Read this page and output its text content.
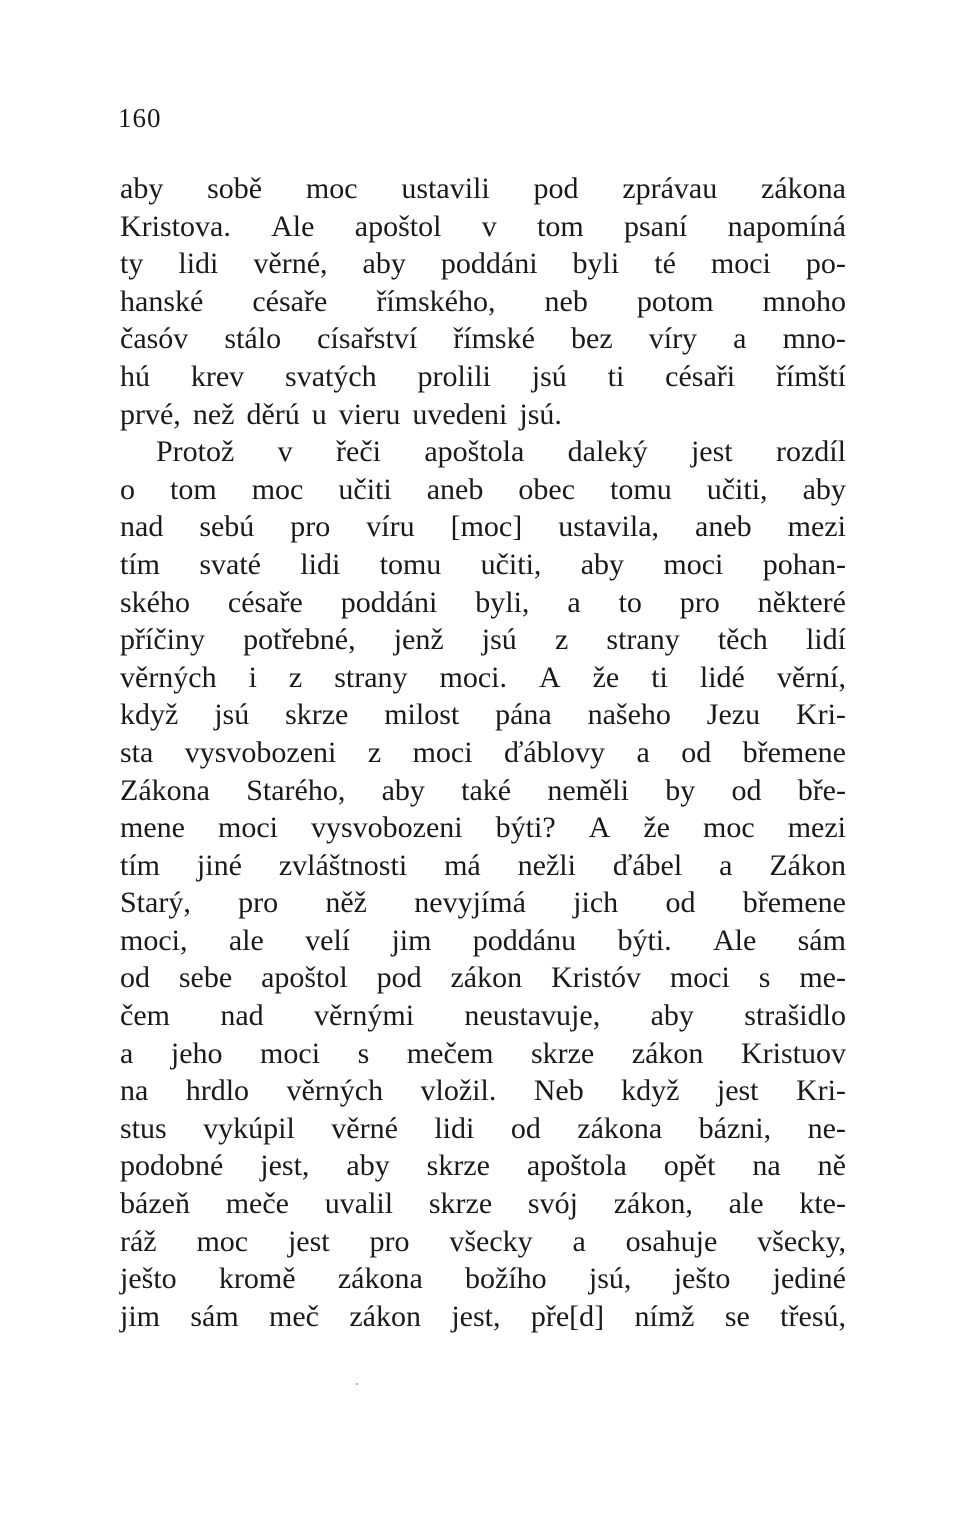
160
aby sobě moc ustavili pod zprávau zákona
Kristova. Ale apoštol v tom psaní napomíná
ty lidi věrné, aby poddáni byli té moci po-
hanské césaře římského, neb potom mnoho
časóv stálo císařství římské bez víry a mno-
hú krev svatých prolili jsú ti césaři římští
prvé, než děrú u vieru uvedeni jsú.
Protož v řeči apoštola daleký jest rozdíl
o tom moc učiti aneb obec tomu učiti, aby
nad sebú pro víru [moc] ustavila, aneb mezi
tím svaté lidi tomu učiti, aby moci pohan-
ského césaře poddáni byli, a to pro některé
příčiny potřebné, jenž jsú z strany těch lidí
věrných i z strany moci. A že ti lidé věrní,
když jsú skrze milost pána našeho Jezu Kri-
sta vysvobozeni z moci ďáblovy a od břemene
Zákona Starého, aby také neměli by od bře-
mene moci vysvobozeni býti? A že moc mezi
tím jiné zvláštnosti má nežli ďábel a Zákon
Starý, pro něž nevyjímá jich od břemene
moci, ale velí jim poddánu býti. Ale sám
od sebe apoštol pod zákon Kristóv moci s me-
čem nad věrnými neustavuje, aby strašidlo
a jeho moci s mečem skrze zákon Kristuov
na hrdlo věrných vložil. Neb když jest Kri-
stus vykúpil věrné lidi od zákona bázni, ne-
podobné jest, aby skrze apoštola opět na ně
bázeň meče uvalil skrze svój zákon, ale kte-
ráž moc jest pro všecky a osahuje všecky,
ješto kromě zákona božího jsú, ješto jediné
jim sám meč zákon jest, pře[d] nímž se třesú,
